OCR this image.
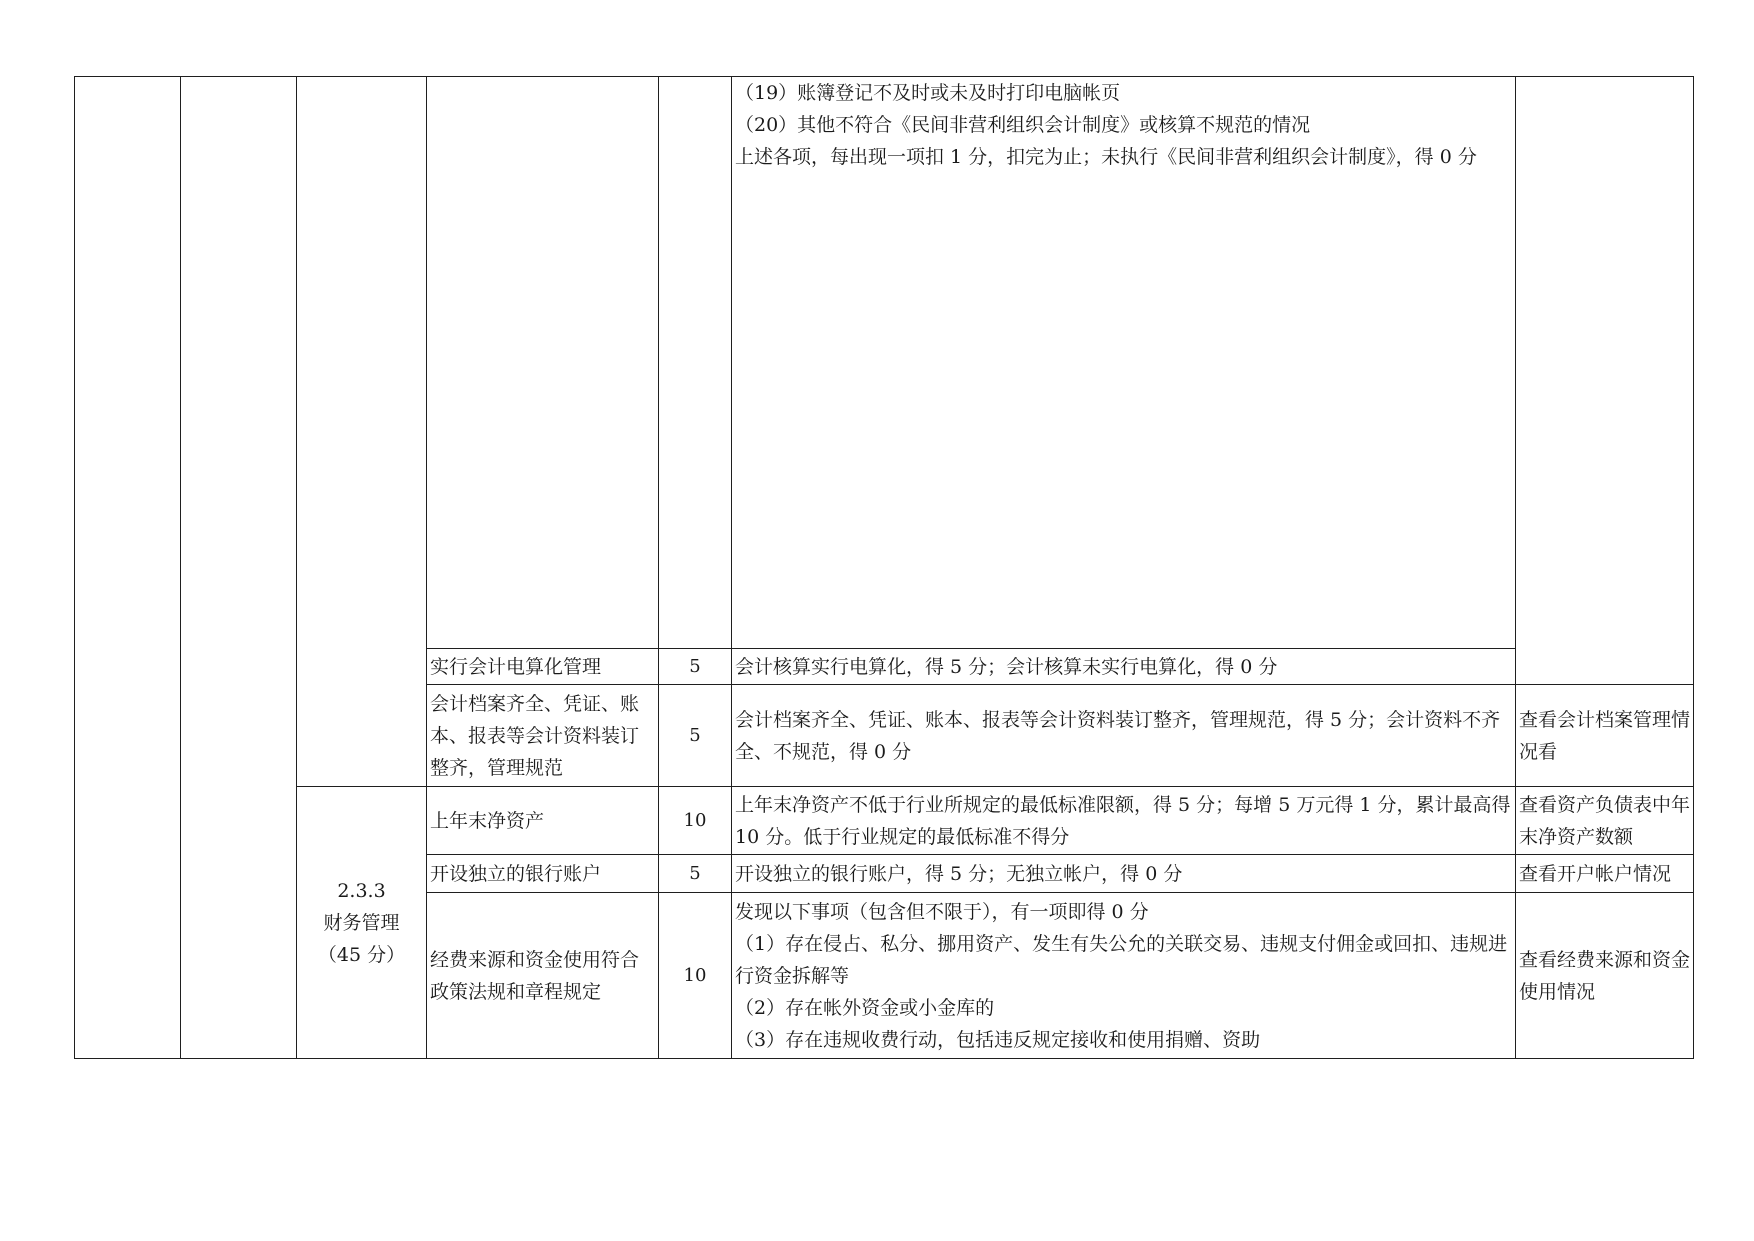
					（19）账簿登记不及时或未及时打印电脑帐页
（20）其他不符合《民间非营利组织会计制度》或核算不规范的情况
上述各项，每出现一项扣 1 分，扣完为止；未执行《民间非营利组织会计制度》，得 0 分	

			实行会计电算化管理	5	会计核算实行电算化，得 5 分；会计核算未实行电算化，得 0 分	
			会计档案齐全、凭证、账本、报表等会计资料装订整齐，管理规范	5	会计档案齐全、凭证、账本、报表等会计资料装订整齐，管理规范，得 5 分；会计资料不齐全、不规范，得 0 分	查看会计档案管理情况看

		2.3.3
财务管理
（45 分）	上年末净资产	10	上年末净资产不低于行业所规定的最低标准限额，得 5 分；每增 5 万元得 1 分，累计最高得 10 分。低于行业规定的最低标准不得分	查看资产负债表中年末净资产数额
			开设独立的银行账户	5	开设独立的银行账户，得 5 分；无独立帐户，得 0 分	查看开户帐户情况
			经费来源和资金使用符合政策法规和章程规定	10	发现以下事项（包含但不限于），有一项即得 0 分
（1）存在侵占、私分、挪用资产、发生有失公允的关联交易、违规支付佣金或回扣、违规进行资金拆解等
（2）存在帐外资金或小金库的
（3）存在违规收费行动，包括违反规定接收和使用捐赠、资助	查看经费来源和资金使用情况
